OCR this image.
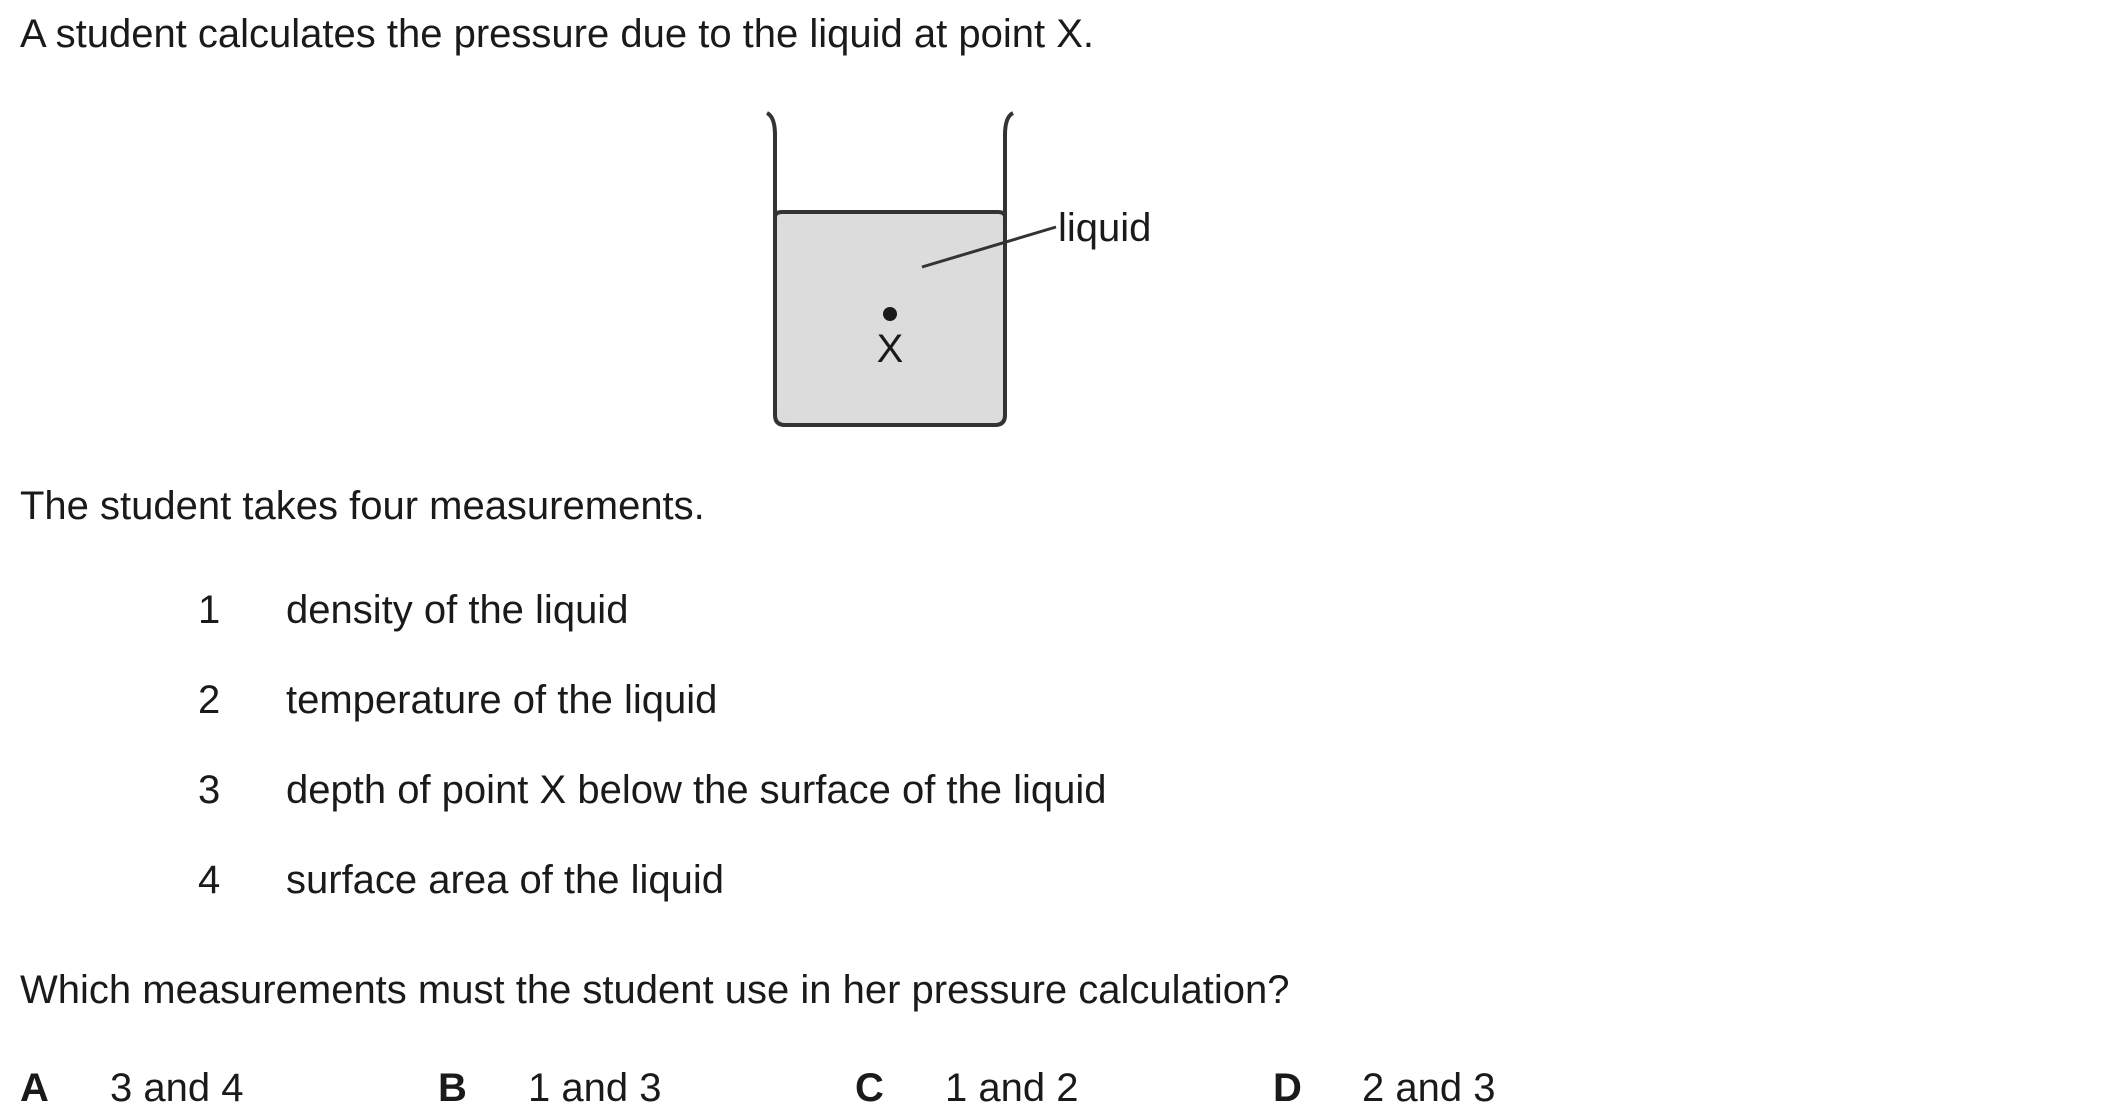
A student calculates the pressure due to the liquid at point X.
liquid
X
The student takes four measurements.
1 density of the liquid
2 temperature of the liquid
3 depth of point X below the surface of the liquid
4 surface area of the liquid
Which measurements must the student use in her pressure calculation?
A 3 and 4	B 1 and 3	C 1 and 2	D 2 and 3
